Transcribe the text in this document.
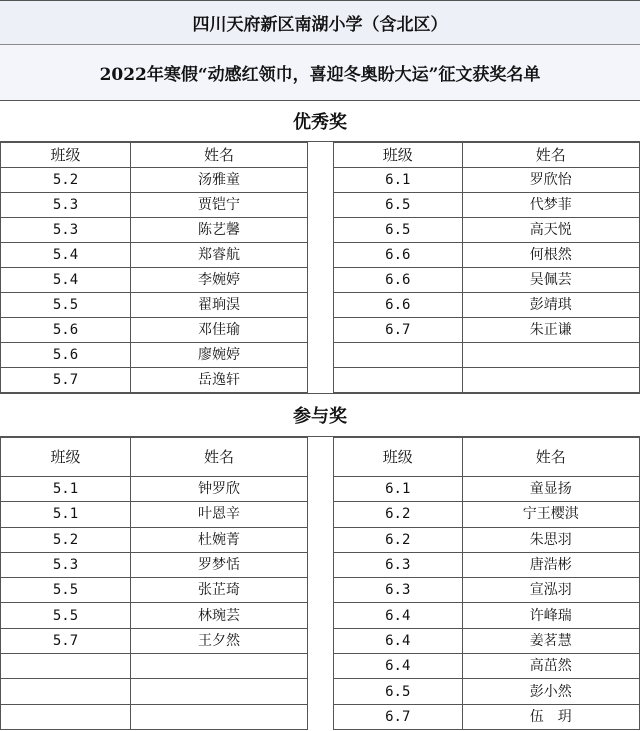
四川天府新区南湖小学（含北区）
2022年寒假“动感红领巾，喜迎冬奥盼大运”征文获奖名单
优秀奖
班级	姓名
5.2	汤雅童
5.3	贾铠宁
5.3	陈艺馨
5.4	郑睿航
5.4	李婉婷
5.5	翟珦淏
5.6	邓佳瑜
5.6	廖婉婷
5.7	岳逸轩
班级	姓名
6.1	罗欣怡
6.5	代梦菲
6.5	高天悦
6.6	何根然
6.6	吴佩芸
6.6	彭靖琪
6.7	朱正谦

参与奖
班级	姓名
5.1	钟罗欣
5.1	叶恩辛
5.2	杜婉菁
5.3	罗梦恬
5.5	张芷琦
5.5	林琬芸
5.7	王夕然

班级	姓名
6.1	童显扬
6.2	宁王樱淇
6.2	朱思羽
6.3	唐浩彬
6.3	宣泓羽
6.4	许峰瑞
6.4	姜茗慧
6.4	高茁然
6.5	彭小然
6.7	伍　玥
